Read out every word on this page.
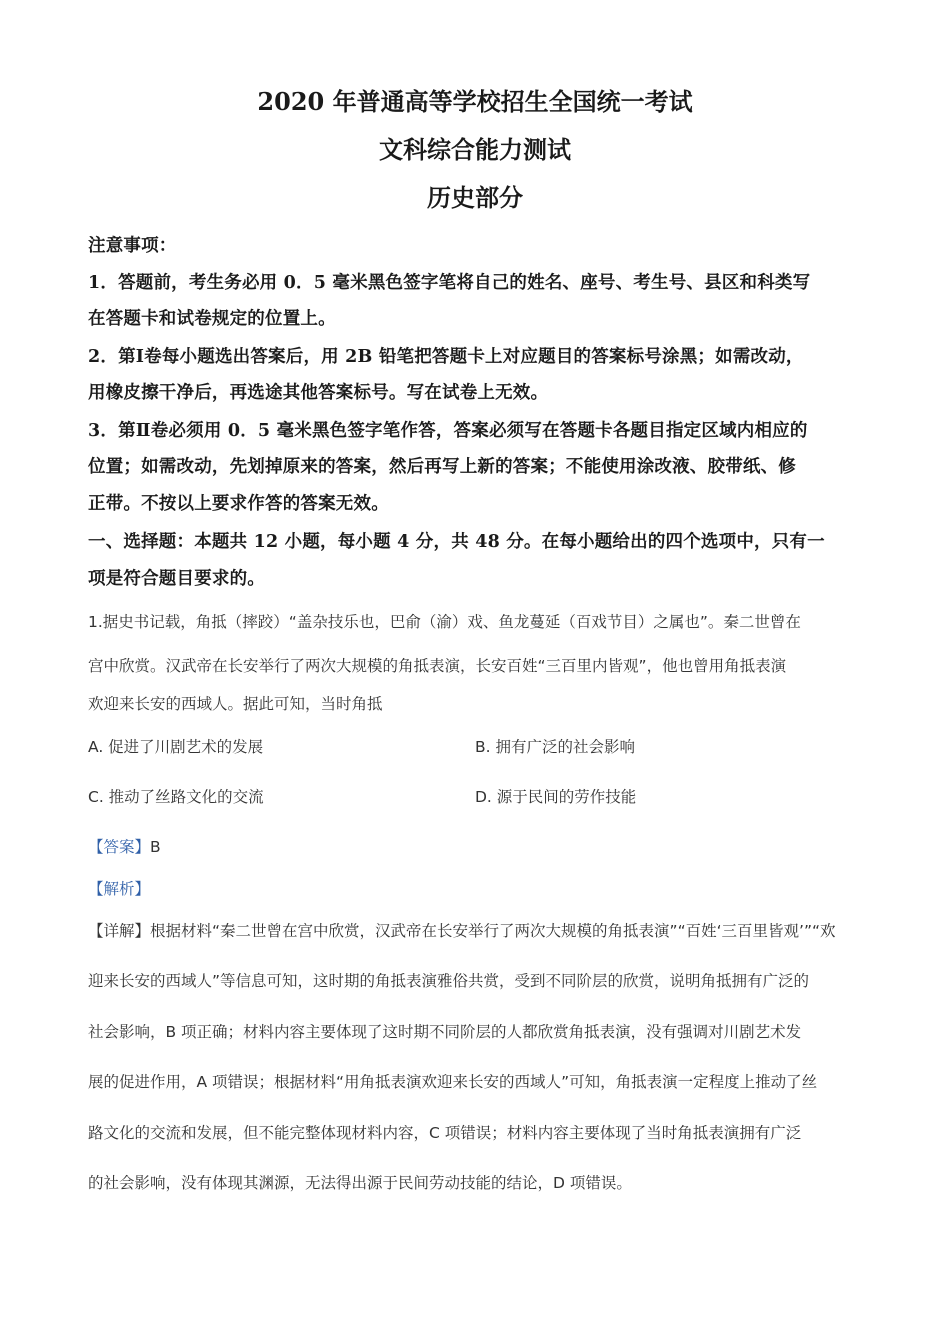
2020 年普通高等学校招生全国统一考试
文科综合能力测试
历史部分
注意事项：
1．答题前，考生务必用 0．5 毫米黑色签字笔将自己的姓名、座号、考生号、县区和科类写
在答题卡和试卷规定的位置上。
2．第Ⅰ卷每小题选出答案后，用 2B 铅笔把答题卡上对应题目的答案标号涂黑；如需改动，
用橡皮擦干净后，再选途其他答案标号。写在试卷上无效。
3．第Ⅱ卷必须用 0．5 毫米黑色签字笔作答，答案必须写在答题卡各题目指定区域内相应的
位置；如需改动，先划掉原来的答案，然后再写上新的答案；不能使用涂改液、胶带纸、修
正带。不按以上要求作答的答案无效。
一、选择题：本题共 12 小题，每小题 4 分，共 48 分。在每小题给出的四个选项中，只有一
项是符合题目要求的。
1.据史书记载，角抵（摔跤）“盖杂技乐也，巴俞（渝）戏、鱼龙蔓延（百戏节目）之属也”。秦二世曾在
宫中欣赏。汉武帝在长安举行了两次大规模的角抵表演，长安百姓“三百里内皆观”，他也曾用角抵表演
欢迎来长安的西域人。据此可知，当时角抵
A. 促进了川剧艺术的发展	B. 拥有广泛的社会影响
C. 推动了丝路文化的交流	D. 源于民间的劳作技能
【答案】B
【解析】
【详解】根据材料“秦二世曾在宫中欣赏，汉武帝在长安举行了两次大规模的角抵表演”“百姓‘三百里皆观’”“欢
迎来长安的西域人”等信息可知，这时期的角抵表演雅俗共赏，受到不同阶层的欣赏，说明角抵拥有广泛的
社会影响，B 项正确；材料内容主要体现了这时期不同阶层的人都欣赏角抵表演，没有强调对川剧艺术发
展的促进作用，A 项错误；根据材料“用角抵表演欢迎来长安的西域人”可知，角抵表演一定程度上推动了丝
路文化的交流和发展，但不能完整体现材料内容，C 项错误；材料内容主要体现了当时角抵表演拥有广泛
的社会影响，没有体现其渊源，无法得出源于民间劳动技能的结论，D 项错误。
